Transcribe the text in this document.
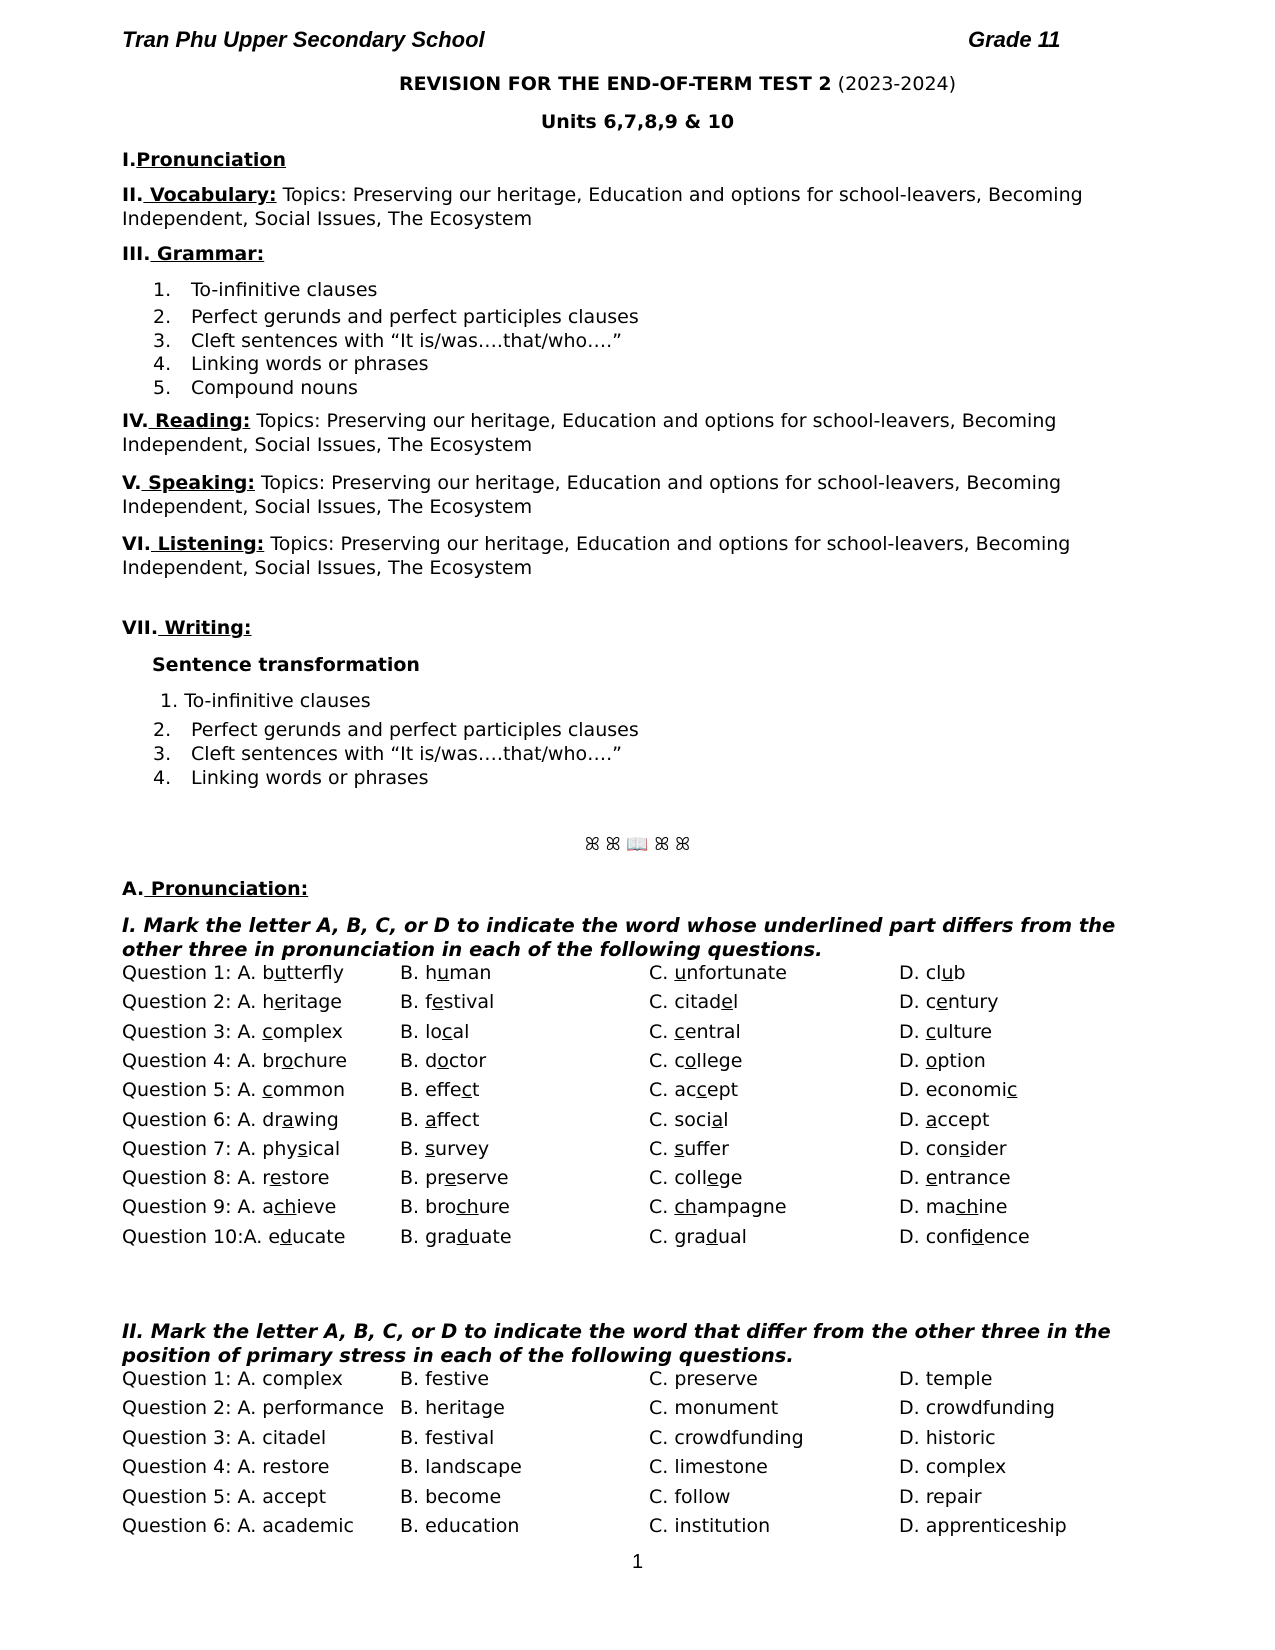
Tran Phu Upper Secondary School	Grade 11
REVISION FOR THE END-OF-TERM TEST 2 (2023-2024)
Units 6,7,8,9 & 10
I.Pronunciation
II. Vocabulary: Topics: Preserving our heritage, Education and options for school-leavers, Becoming Independent, Social Issues, The Ecosystem
III. Grammar:
1. To-infinitive clauses
2. Perfect gerunds and perfect participles clauses
3. Cleft sentences with “It is/was….that/who….”
4. Linking words or phrases
5. Compound nouns
IV. Reading: Topics: Preserving our heritage, Education and options for school-leavers, Becoming Independent, Social Issues, The Ecosystem
V. Speaking: Topics: Preserving our heritage, Education and options for school-leavers, Becoming Independent, Social Issues, The Ecosystem
VI. Listening: Topics: Preserving our heritage, Education and options for school-leavers, Becoming Independent, Social Issues, The Ecosystem
VII. Writing:
Sentence transformation
1. To-infinitive clauses
2. Perfect gerunds and perfect participles clauses
3. Cleft sentences with “It is/was….that/who….”
4. Linking words or phrases
ꕤ ꕤ 📖 ꕤ ꕤ
A. Pronunciation:
I. Mark the letter A, B, C, or D to indicate the word whose underlined part differs from the other three in pronunciation in each of the following questions.
Question 1: A. butterfly	B. human	C. unfortunate	D. club
Question 2: A. heritage	B. festival	C. citadel	D. century
Question 3: A. complex	B. local	C. central	D. culture
Question 4: A. brochure	B. doctor	C. college	D. option
Question 5: A. common	B. effect	C. accept	D. economic
Question 6: A. drawing	B. affect	C. social	D. accept
Question 7: A. physical	B. survey	C. suffer	D. consider
Question 8: A. restore	B. preserve	C. college	D. entrance
Question 9: A. achieve	B. brochure	C. champagne	D. machine
Question 10:A. educate	B. graduate	C. gradual	D. confidence
II. Mark the letter A, B, C, or D to indicate the word that differ from the other three in the position of primary stress in each of the following questions.
Question 1: A. complex	B. festive	C. preserve	D. temple
Question 2: A. performance B. heritage	C. monument	D. crowdfunding
Question 3: A. citadel	B. festival	C. crowdfunding	D. historic
Question 4: A. restore	B. landscape	C. limestone	D. complex
Question 5: A. accept	B. become	C. follow	D. repair
Question 6: A. academic B. education	C. institution	D. apprenticeship
1
